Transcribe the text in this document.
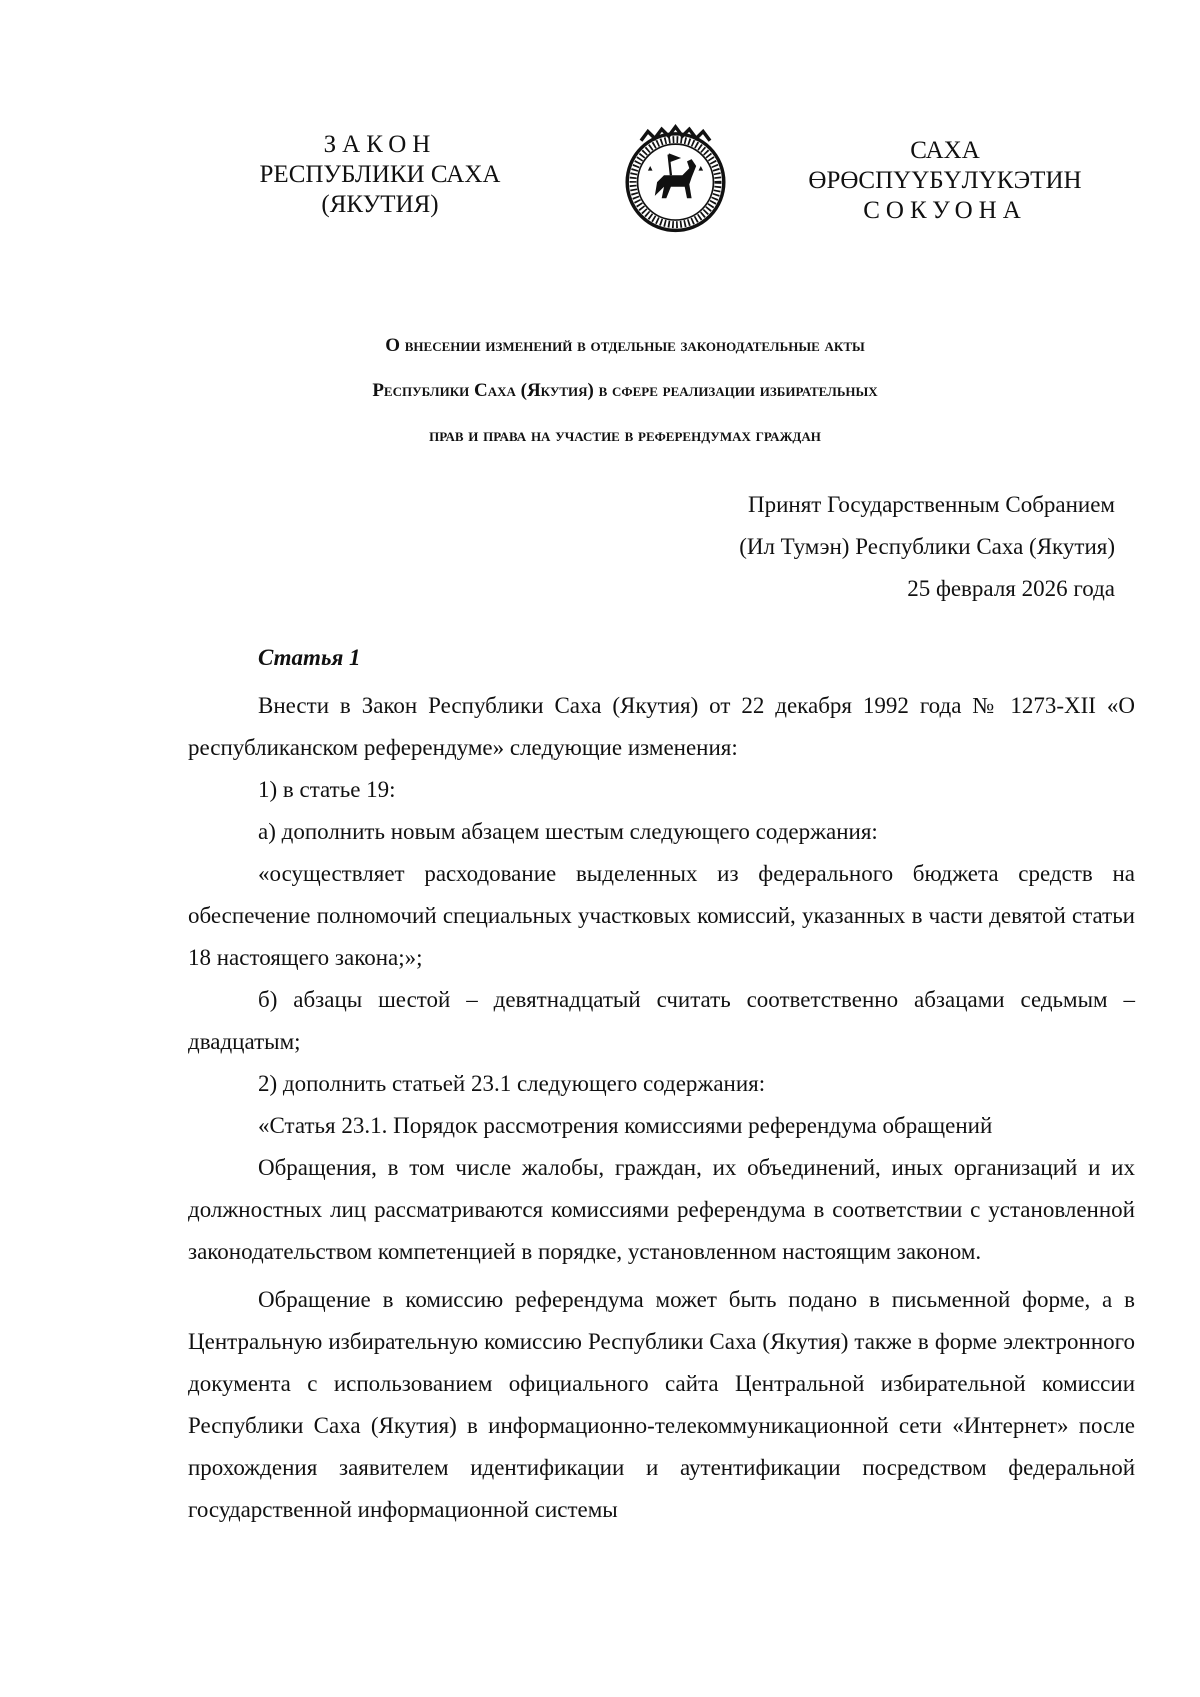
ЗАКОН
РЕСПУБЛИКИ САХА (ЯКУТИЯ)
САХА ӨРӨСПҮҮБҮЛҮКЭТИН
СОКУОНА
О внесении изменений в отдельные законодательные акты
Республики Саха (Якутия) в сфере реализации избирательных
прав и права на участие в референдумах граждан
Принят Государственным Собранием
(Ил Тумэн) Республики Саха (Якутия)
25 февраля 2026 года
Статья 1

Внести в Закон Республики Саха (Якутия) от 22 декабря 1992 года № 1273-XII «О республиканском референдуме» следующие изменения:

1) в статье 19:

а) дополнить новым абзацем шестым следующего содержания:

«осуществляет расходование выделенных из федерального бюджета средств на обеспечение полномочий специальных участковых комиссий, указанных в части девятой статьи 18 настоящего закона;»;

б) абзацы шестой – девятнадцатый считать соответственно абзацами седьмым – двадцатым;

2) дополнить статьей 23.1 следующего содержания:

«Статья 23.1. Порядок рассмотрения комиссиями референдума обращений

Обращения, в том числе жалобы, граждан, их объединений, иных организаций и их должностных лиц рассматриваются комиссиями референдума в соответствии с установленной законодательством компетенцией в порядке, установленном настоящим законом.

Обращение в комиссию референдума может быть подано в письменной форме, а в Центральную избирательную комиссию Республики Саха (Якутия) также в форме электронного документа с использованием официального сайта Центральной избирательной комиссии Республики Саха (Якутия) в информационно-телекоммуникационной сети «Интернет» после прохождения заявителем идентификации и аутентификации посредством федеральной государственной информационной системы
